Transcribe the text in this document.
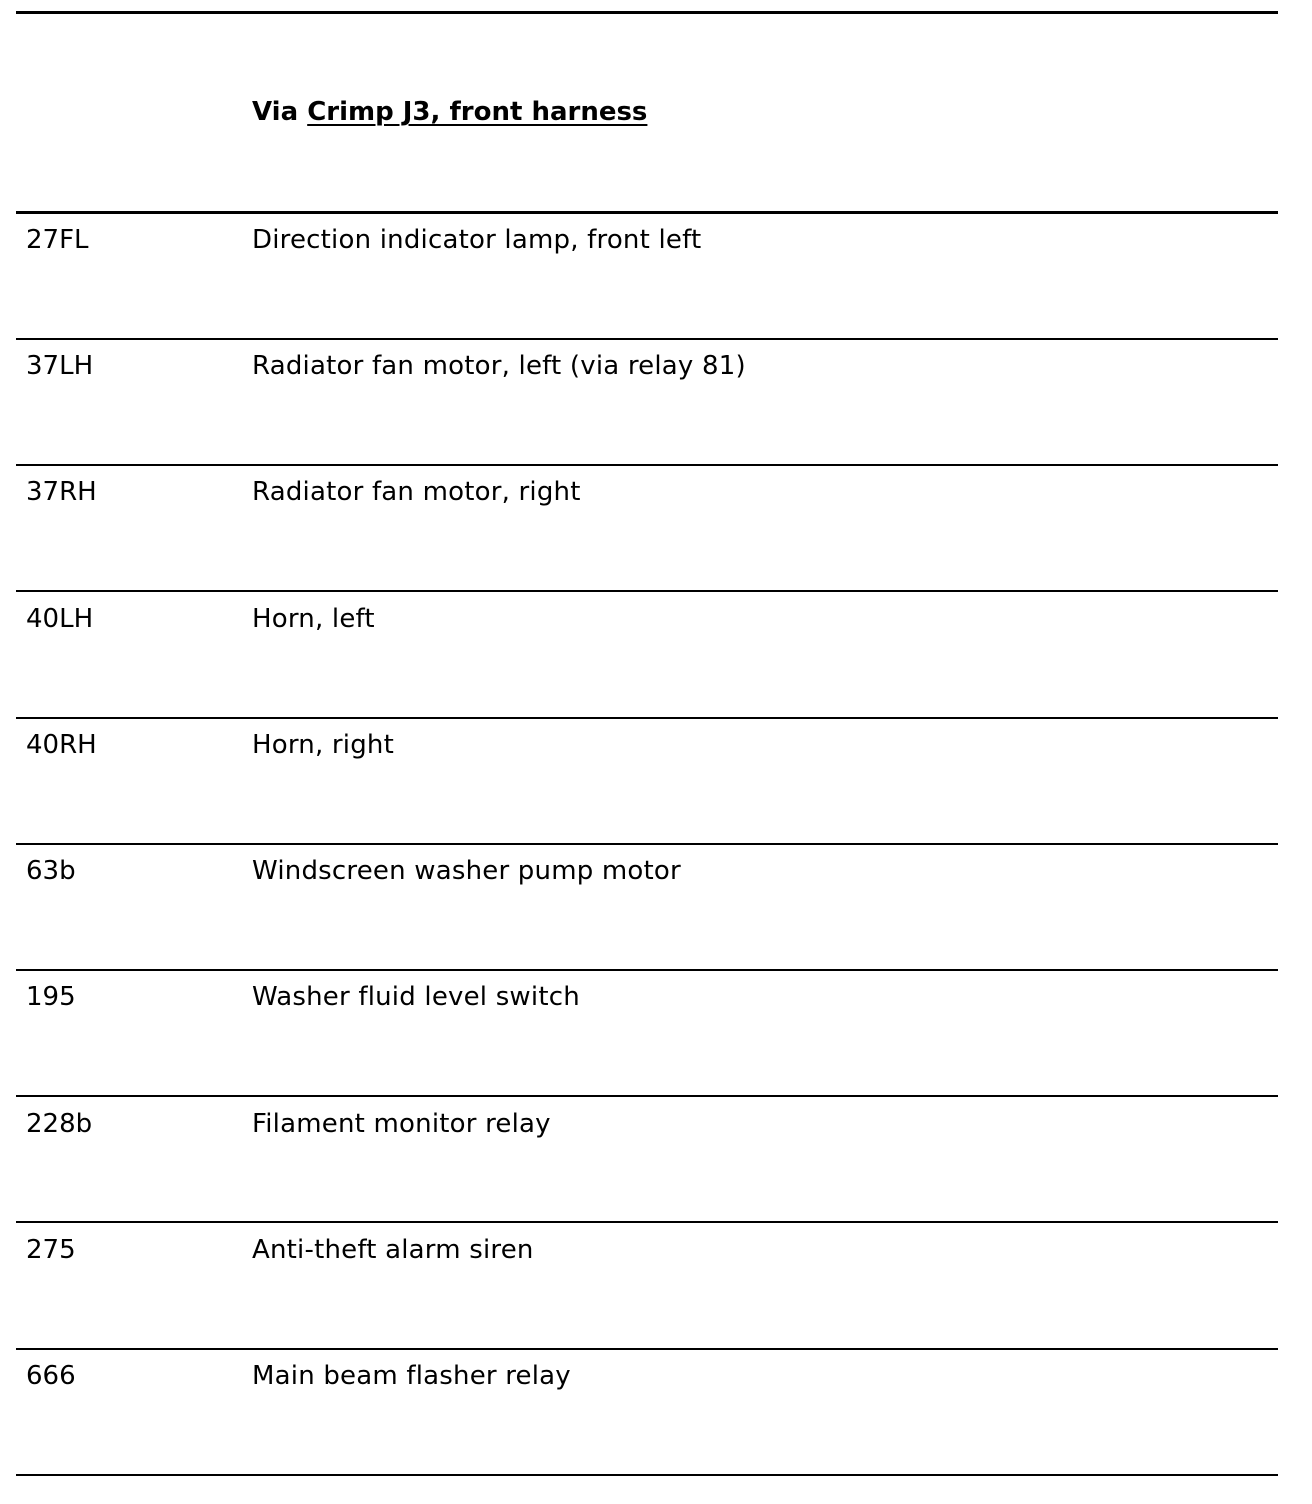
Via Crimp J3, front harness
27FL	Direction indicator lamp, front left
37LH	Radiator fan motor, left (via relay 81)
37RH	Radiator fan motor, right
40LH	Horn, left
40RH	Horn, right
63b	Windscreen washer pump motor
195	Washer fluid level switch
228b	Filament monitor relay
275	Anti-theft alarm siren
666	Main beam flasher relay
